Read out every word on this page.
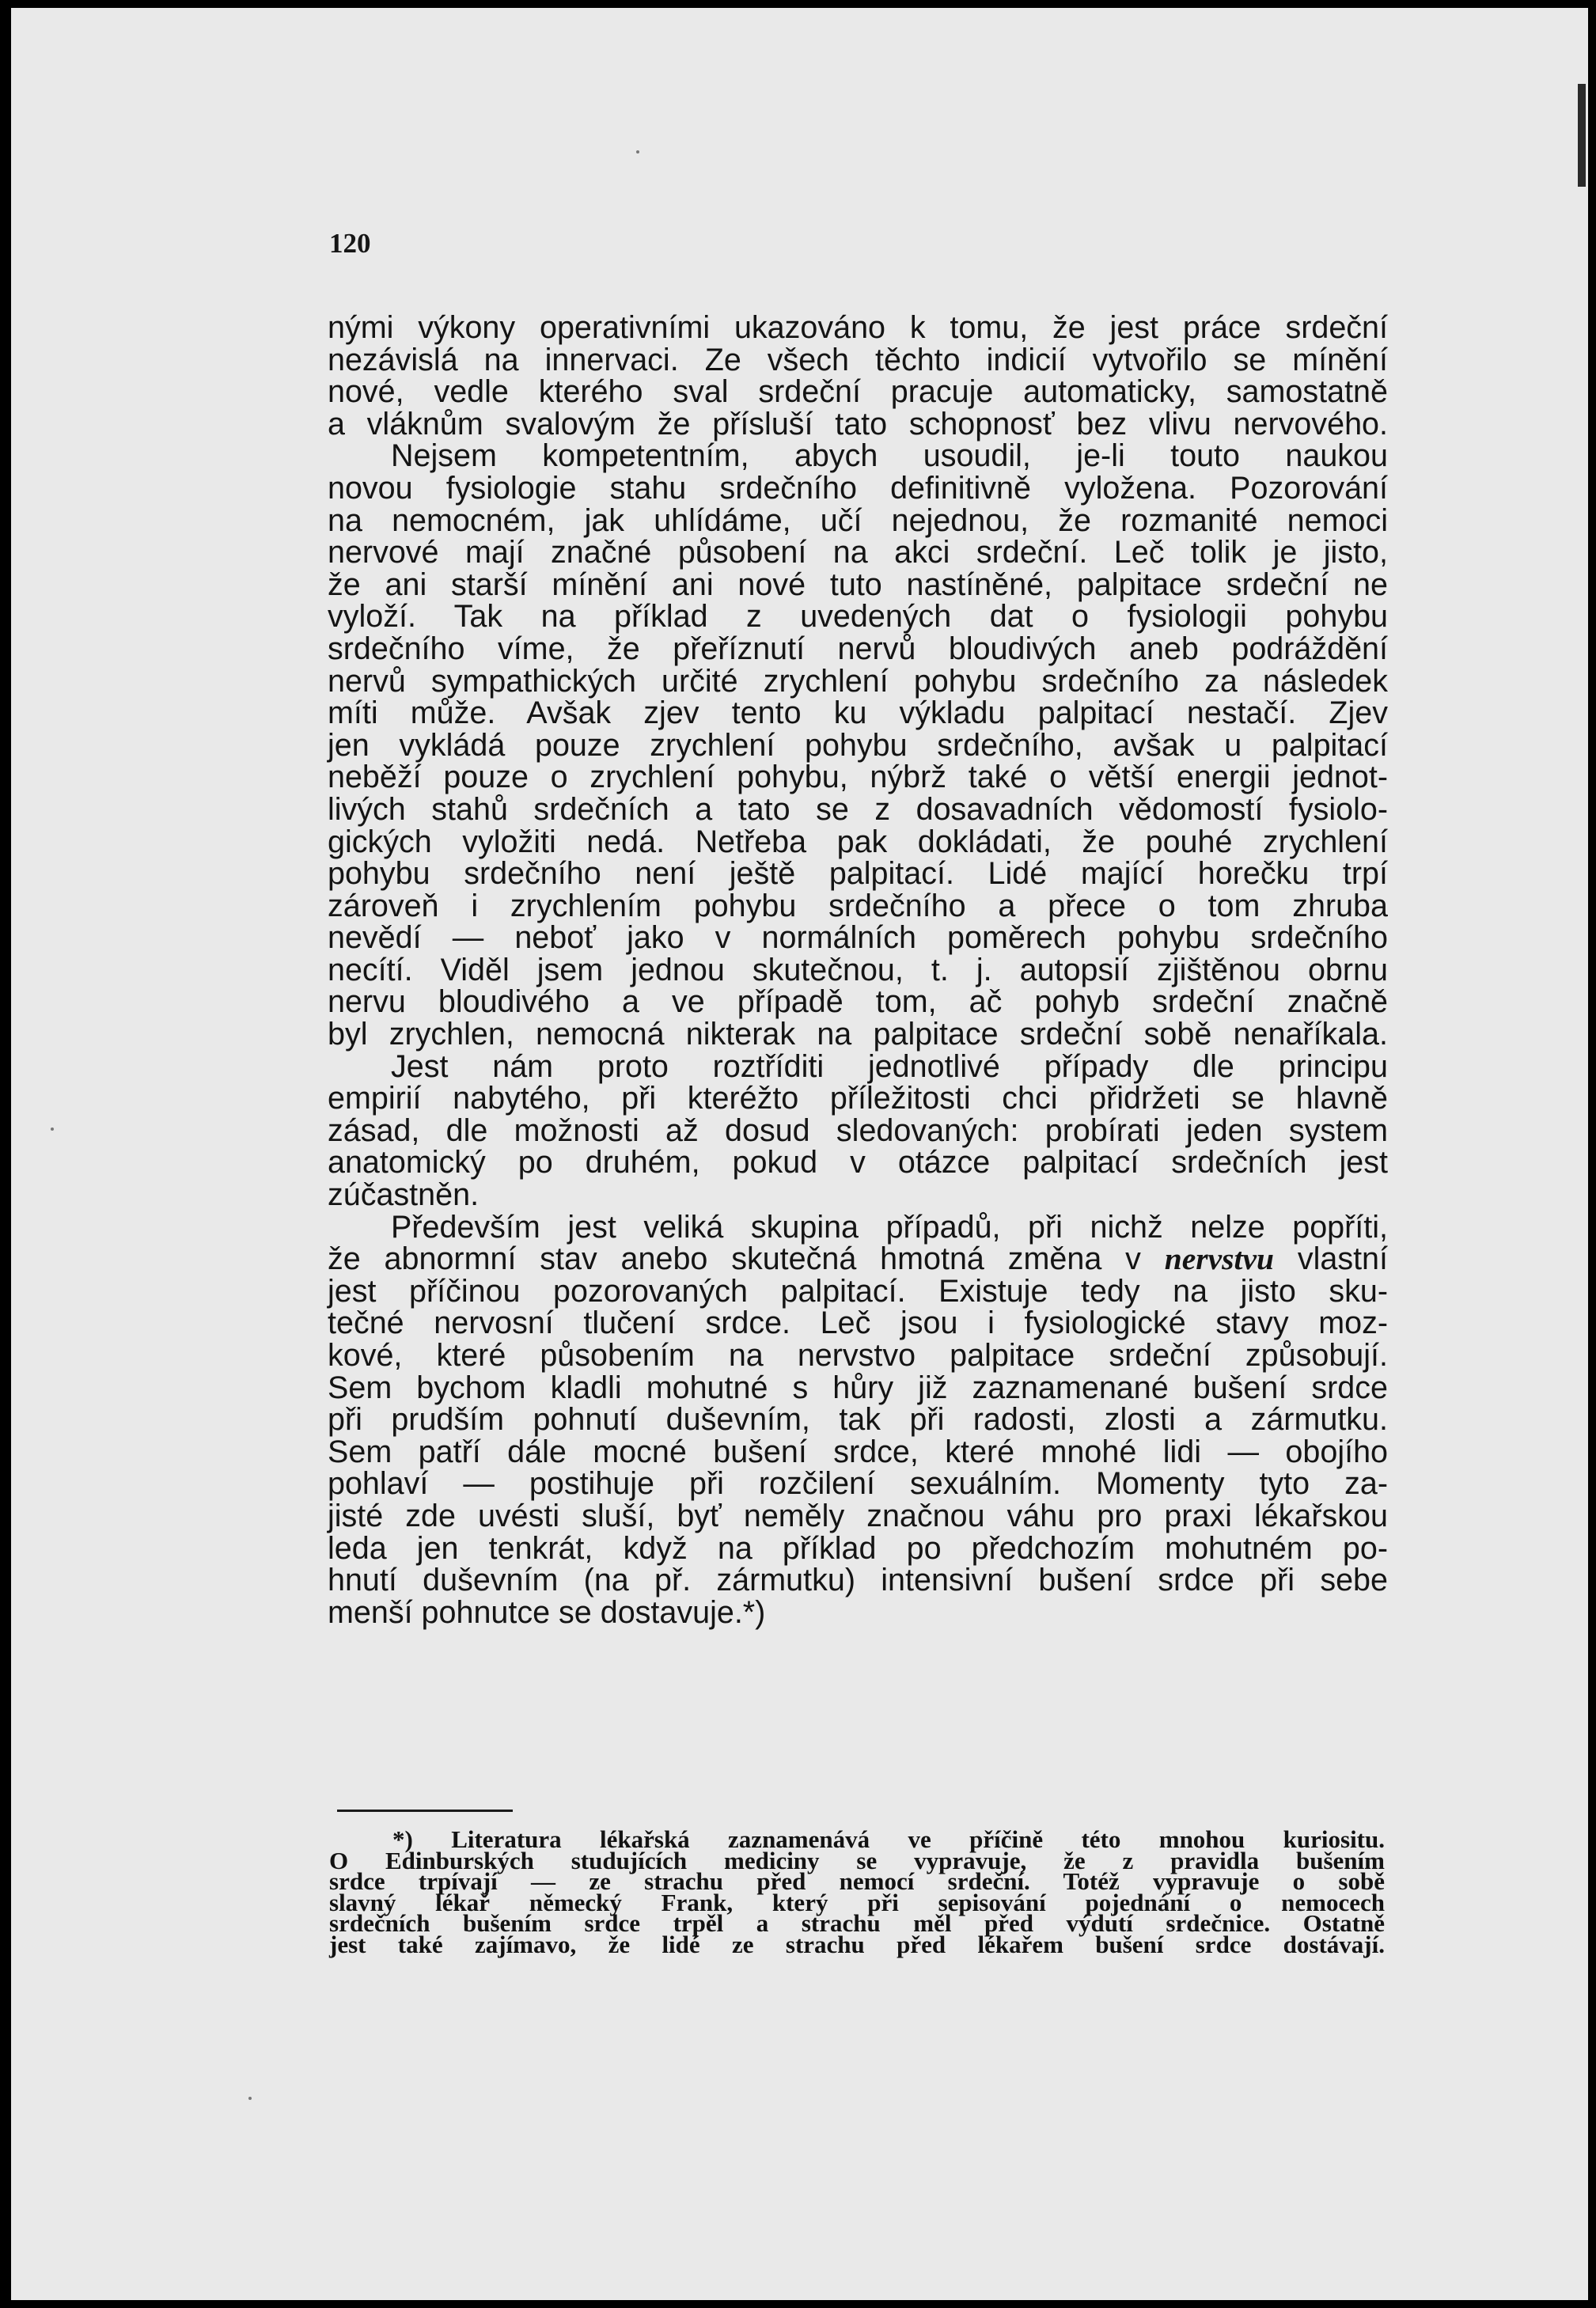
120

nými výkony operativními ukazováno k tomu, že jest práce srdeční
nezávislá na innervaci. Ze všech těchto indicií vytvořilo se mínění
nové, vedle kterého sval srdeční pracuje automaticky, samostatně
a vláknům svalovým že přísluší tato schopnosť bez vlivu nervového.
Nejsem kompetentním, abych usoudil, je-li touto naukou
novou fysiologie stahu srdečního definitivně vyložena. Pozorování
na nemocném, jak uhlídáme, učí nejednou, že rozmanité nemoci
nervové mají značné působení na akci srdeční. Leč tolik je jisto,
že ani starší mínění ani nové tuto nastíněné, palpitace srdeční ne
vyloží. Tak na příklad z uvedených dat o fysiologii pohybu
srdečního víme, že přeříznutí nervů bloudivých aneb podráždění
nervů sympathických určité zrychlení pohybu srdečního za následek
míti může. Avšak zjev tento ku výkladu palpitací nestačí. Zjev
jen vykládá pouze zrychlení pohybu srdečního, avšak u palpitací
neběží pouze o zrychlení pohybu, nýbrž také o větší energii jednot-
livých stahů srdečních a tato se z dosavadních vědomostí fysiolo-
gických vyložiti nedá. Netřeba pak dokládati, že pouhé zrychlení
pohybu srdečního není ještě palpitací. Lidé mající horečku trpí
zároveň i zrychlením pohybu srdečního a přece o tom zhruba
nevědí — neboť jako v normálních poměrech pohybu srdečního
necítí. Viděl jsem jednou skutečnou, t. j. autopsií zjištěnou obrnu
nervu bloudivého a ve případě tom, ač pohyb srdeční značně
byl zrychlen, nemocná nikterak na palpitace srdeční sobě nenaříkala.
Jest nám proto roztříditi jednotlivé případy dle principu
empirií nabytého, při kteréžto příležitosti chci přidržeti se hlavně
zásad, dle možnosti až dosud sledovaných: probírati jeden system
anatomický po druhém, pokud v otázce palpitací srdečních jest
zúčastněn.
Především jest veliká skupina případů, při nichž nelze popříti,
že abnormní stav anebo skutečná hmotná změna v nervstvu vlastní
jest příčinou pozorovaných palpitací. Existuje tedy na jisto sku-
tečné nervosní tlučení srdce. Leč jsou i fysiologické stavy moz-
kové, které působením na nervstvo palpitace srdeční způsobují.
Sem bychom kladli mohutné s hůry již zaznamenané bušení srdce
při prudším pohnutí duševním, tak při radosti, zlosti a zármutku.
Sem patří dále mocné bušení srdce, které mnohé lidi — obojího
pohlaví — postihuje při rozčilení sexuálním. Momenty tyto za-
jisté zde uvésti sluší, byť neměly značnou váhu pro praxi lékařskou
leda jen tenkrát, když na příklad po předchozím mohutném po-
hnutí duševním (na př. zármutku) intensivní bušení srdce při sebe
menší pohnutce se dostavuje.*)
*) Literatura lékařská zaznamenává ve příčině této mnohou kuriositu.
O Edinburských studujících mediciny se vypravuje, že z pravidla bušením
srdce trpívají — ze strachu před nemocí srdeční. Totéž vypravuje o sobě
slavný lékař německý Frank, který při sepisování pojednání o nemocech
srdečních bušením srdce trpěl a strachu měl před výdutí srdečnice. Ostatně
jest také zajímavo, že lidé ze strachu před lékařem bušení srdce dostávají.
